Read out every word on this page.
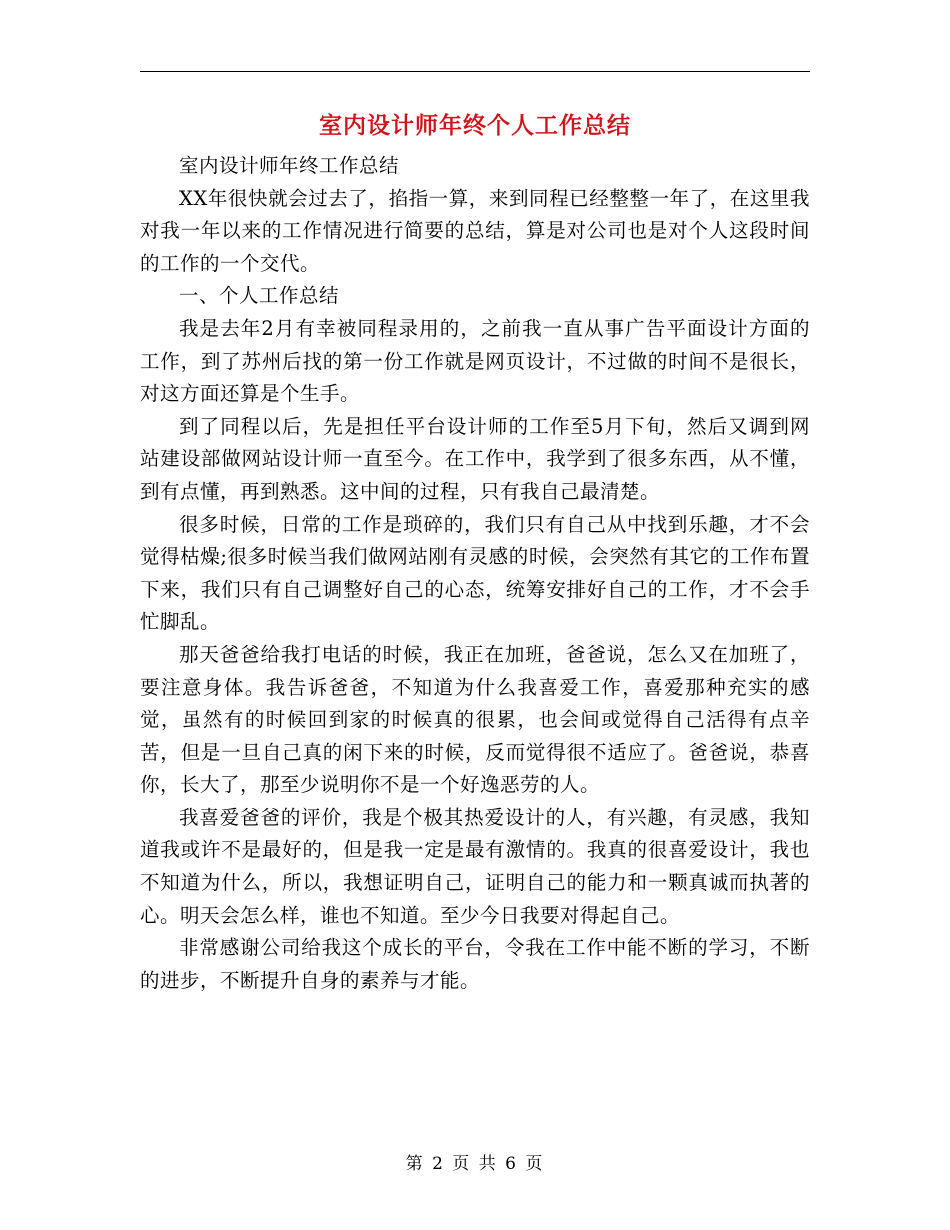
室内设计师年终个人工作总结

室内设计师年终工作总结

XX年很快就会过去了，掐指一算，来到同程已经整整一年了，在这里我对我一年以来的工作情况进行简要的总结，算是对公司也是对个人这段时间的工作的一个交代。

一、个人工作总结

我是去年2月有幸被同程录用的，之前我一直从事广告平面设计方面的工作，到了苏州后找的第一份工作就是网页设计，不过做的时间不是很长，对这方面还算是个生手。

到了同程以后，先是担任平台设计师的工作至5月下旬，然后又调到网站建设部做网站设计师一直至今。在工作中，我学到了很多东西，从不懂，到有点懂，再到熟悉。这中间的过程，只有我自己最清楚。

很多时候，日常的工作是琐碎的，我们只有自己从中找到乐趣，才不会觉得枯燥;很多时候当我们做网站刚有灵感的时候，会突然有其它的工作布置下来，我们只有自己调整好自己的心态，统筹安排好自己的工作，才不会手忙脚乱。

那天爸爸给我打电话的时候，我正在加班，爸爸说，怎么又在加班了，要注意身体。我告诉爸爸，不知道为什么我喜爱工作，喜爱那种充实的感觉，虽然有的时候回到家的时候真的很累，也会间或觉得自己活得有点辛苦，但是一旦自己真的闲下来的时候，反而觉得很不适应了。爸爸说，恭喜你，长大了，那至少说明你不是一个好逸恶劳的人。

我喜爱爸爸的评价，我是个极其热爱设计的人，有兴趣，有灵感，我知道我或许不是最好的，但是我一定是最有激情的。我真的很喜爱设计，我也不知道为什么，所以，我想证明自己，证明自己的能力和一颗真诚而执著的心。明天会怎么样，谁也不知道。至少今日我要对得起自己。

非常感谢公司给我这个成长的平台，令我在工作中能不断的学习，不断的进步，不断提升自身的素养与才能。

第 2 页 共 6 页
